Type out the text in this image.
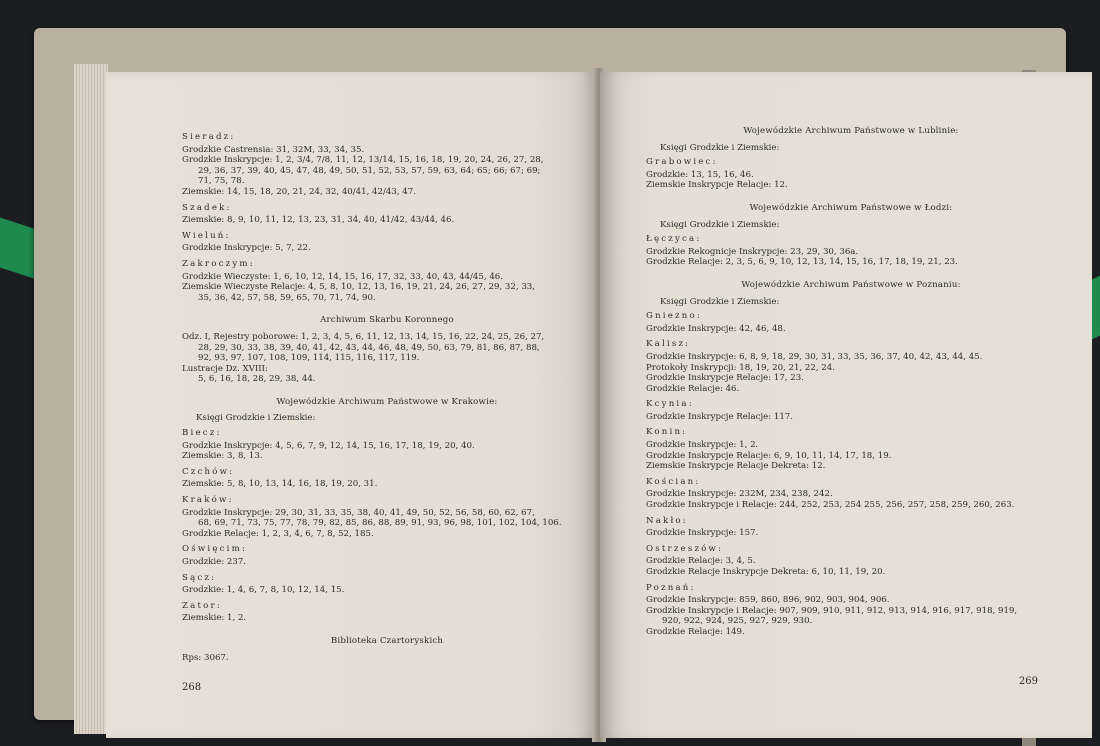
Sieradz:
Grodzkie Castrensia: 31, 32M, 33, 34, 35.
Grodzkie Inskrypcje: 1, 2, 3/4, 7/8, 11, 12, 13/14, 15, 16, 18, 19, 20, 24, 26, 27, 28,
29, 36, 37, 39, 40, 45, 47, 48, 49, 50, 51, 52, 53, 57, 59, 63, 64; 65; 66; 67; 69;
71, 75, 78.
Ziemskie: 14, 15, 18, 20, 21, 24, 32, 40/41, 42/43, 47.
Szadek:
Ziemskie: 8, 9, 10, 11, 12, 13, 23, 31, 34, 40, 41/42, 43/44, 46.
Wieluń:
Grodzkie Inskrypcje: 5, 7, 22.
Zakroczym:
Grodzkie Wieczyste: 1, 6, 10, 12, 14, 15, 16, 17, 32, 33, 40, 43, 44/45, 46.
Ziemskie Wieczyste Relacje: 4, 5, 8, 10, 12, 13, 16, 19, 21, 24, 26, 27, 29, 32, 33,
35, 36, 42, 57, 58, 59, 65, 70, 71, 74, 90.
Archiwum Skarbu Koronnego
Odz. I, Rejestry poborowe: 1, 2, 3, 4, 5, 6, 11, 12, 13, 14, 15, 16, 22, 24, 25, 26, 27,
28, 29, 30, 33, 38, 39, 40, 41, 42, 43, 44, 46, 48, 49, 50, 63, 79, 81, 86, 87, 88,
92, 93, 97, 107, 108, 109, 114, 115, 116, 117, 119.
Lustracje Dz. XVIII:
5, 6, 16, 18, 28, 29, 38, 44.
Wojewódzkie Archiwum Państwowe w Krakowie:
Księgi Grodzkie i Ziemskie:
Biecz:
Grodzkie Inskrypcje: 4, 5, 6, 7, 9, 12, 14, 15, 16, 17, 18, 19, 20, 40.
Ziemskie: 3, 8, 13.
Czchów:
Ziemskie: 5, 8, 10, 13, 14, 16, 18, 19, 20, 31.
Kraków:
Grodzkie Inskrypcje: 29, 30, 31, 33, 35, 38, 40, 41, 49, 50, 52, 56, 58, 60, 62, 67,
68, 69, 71, 73, 75, 77, 78, 79, 82, 85, 86, 88, 89, 91, 93, 96, 98, 101, 102, 104, 106.
Grodzkie Relacje: 1, 2, 3, 4, 6, 7, 8, 52, 185.
Oświęcim:
Grodzkie: 237.
Sącz:
Grodzkie: 1, 4, 6, 7, 8, 10, 12, 14, 15.
Zator:
Ziemskie: 1, 2.
Biblioteka Czartoryskich
Rps: 3067.
268
Wojewódzkie Archiwum Państwowe w Lublinie:
Księgi Grodzkie i Ziemskie:
Grabowiec:
Grodzkie: 13, 15, 16, 46.
Ziemskie Inskrypcje Relacje: 12.
Wojewódzkie Archiwum Państwowe w Łodzi:
Księgi Grodzkie i Ziemskie:
Łęczyca:
Grodzkie Rekognicje Inskrypcje: 23, 29, 30, 36a.
Grodzkie Relacje: 2, 3, 5, 6, 9, 10, 12, 13, 14, 15, 16, 17, 18, 19, 21, 23.
Wojewódzkie Archiwum Państwowe w Poznaniu:
Księgi Grodzkie i Ziemskie:
Gniezno:
Grodzkie Inskrypcje: 42, 46, 48.
Kalisz:
Grodzkie Inskrypcje: 6, 8, 9, 18, 29, 30, 31, 33, 35, 36, 37, 40, 42, 43, 44, 45.
Protokoły Inskrypcji: 18, 19, 20, 21, 22, 24.
Grodzkie Inskrypcje Relacje: 17, 23.
Grodzkie Relacje: 46.
Kcynia:
Grodzkie Inskrypcje Relacje: 117.
Konin:
Grodzkie Inskrypcje: 1, 2.
Grodzkie Inskrypcje Relacje: 6, 9, 10, 11, 14, 17, 18, 19.
Ziemskie Inskrypcje Relacje Dekreta: 12.
Kościan:
Grodzkie Inskrypcje: 232M, 234, 238, 242.
Grodzkie Inskrypcje i Relacje: 244, 252, 253, 254 255, 256, 257, 258, 259, 260, 263.
Nakło:
Grodzkie Inskrypcje: 157.
Ostrzeszów:
Grodzkie Relacje: 3, 4, 5.
Grodzkie Relacje Inskrypcje Dekreta: 6, 10, 11, 19, 20.
Poznań:
Grodzkie Inskrypcje: 859, 860, 896, 902, 903, 904, 906.
Grodzkie Inskrypcje i Relacje: 907, 909, 910, 911, 912, 913, 914, 916, 917, 918, 919,
920, 922, 924, 925, 927, 929, 930.
Grodzkie Relacje: 149.
269
